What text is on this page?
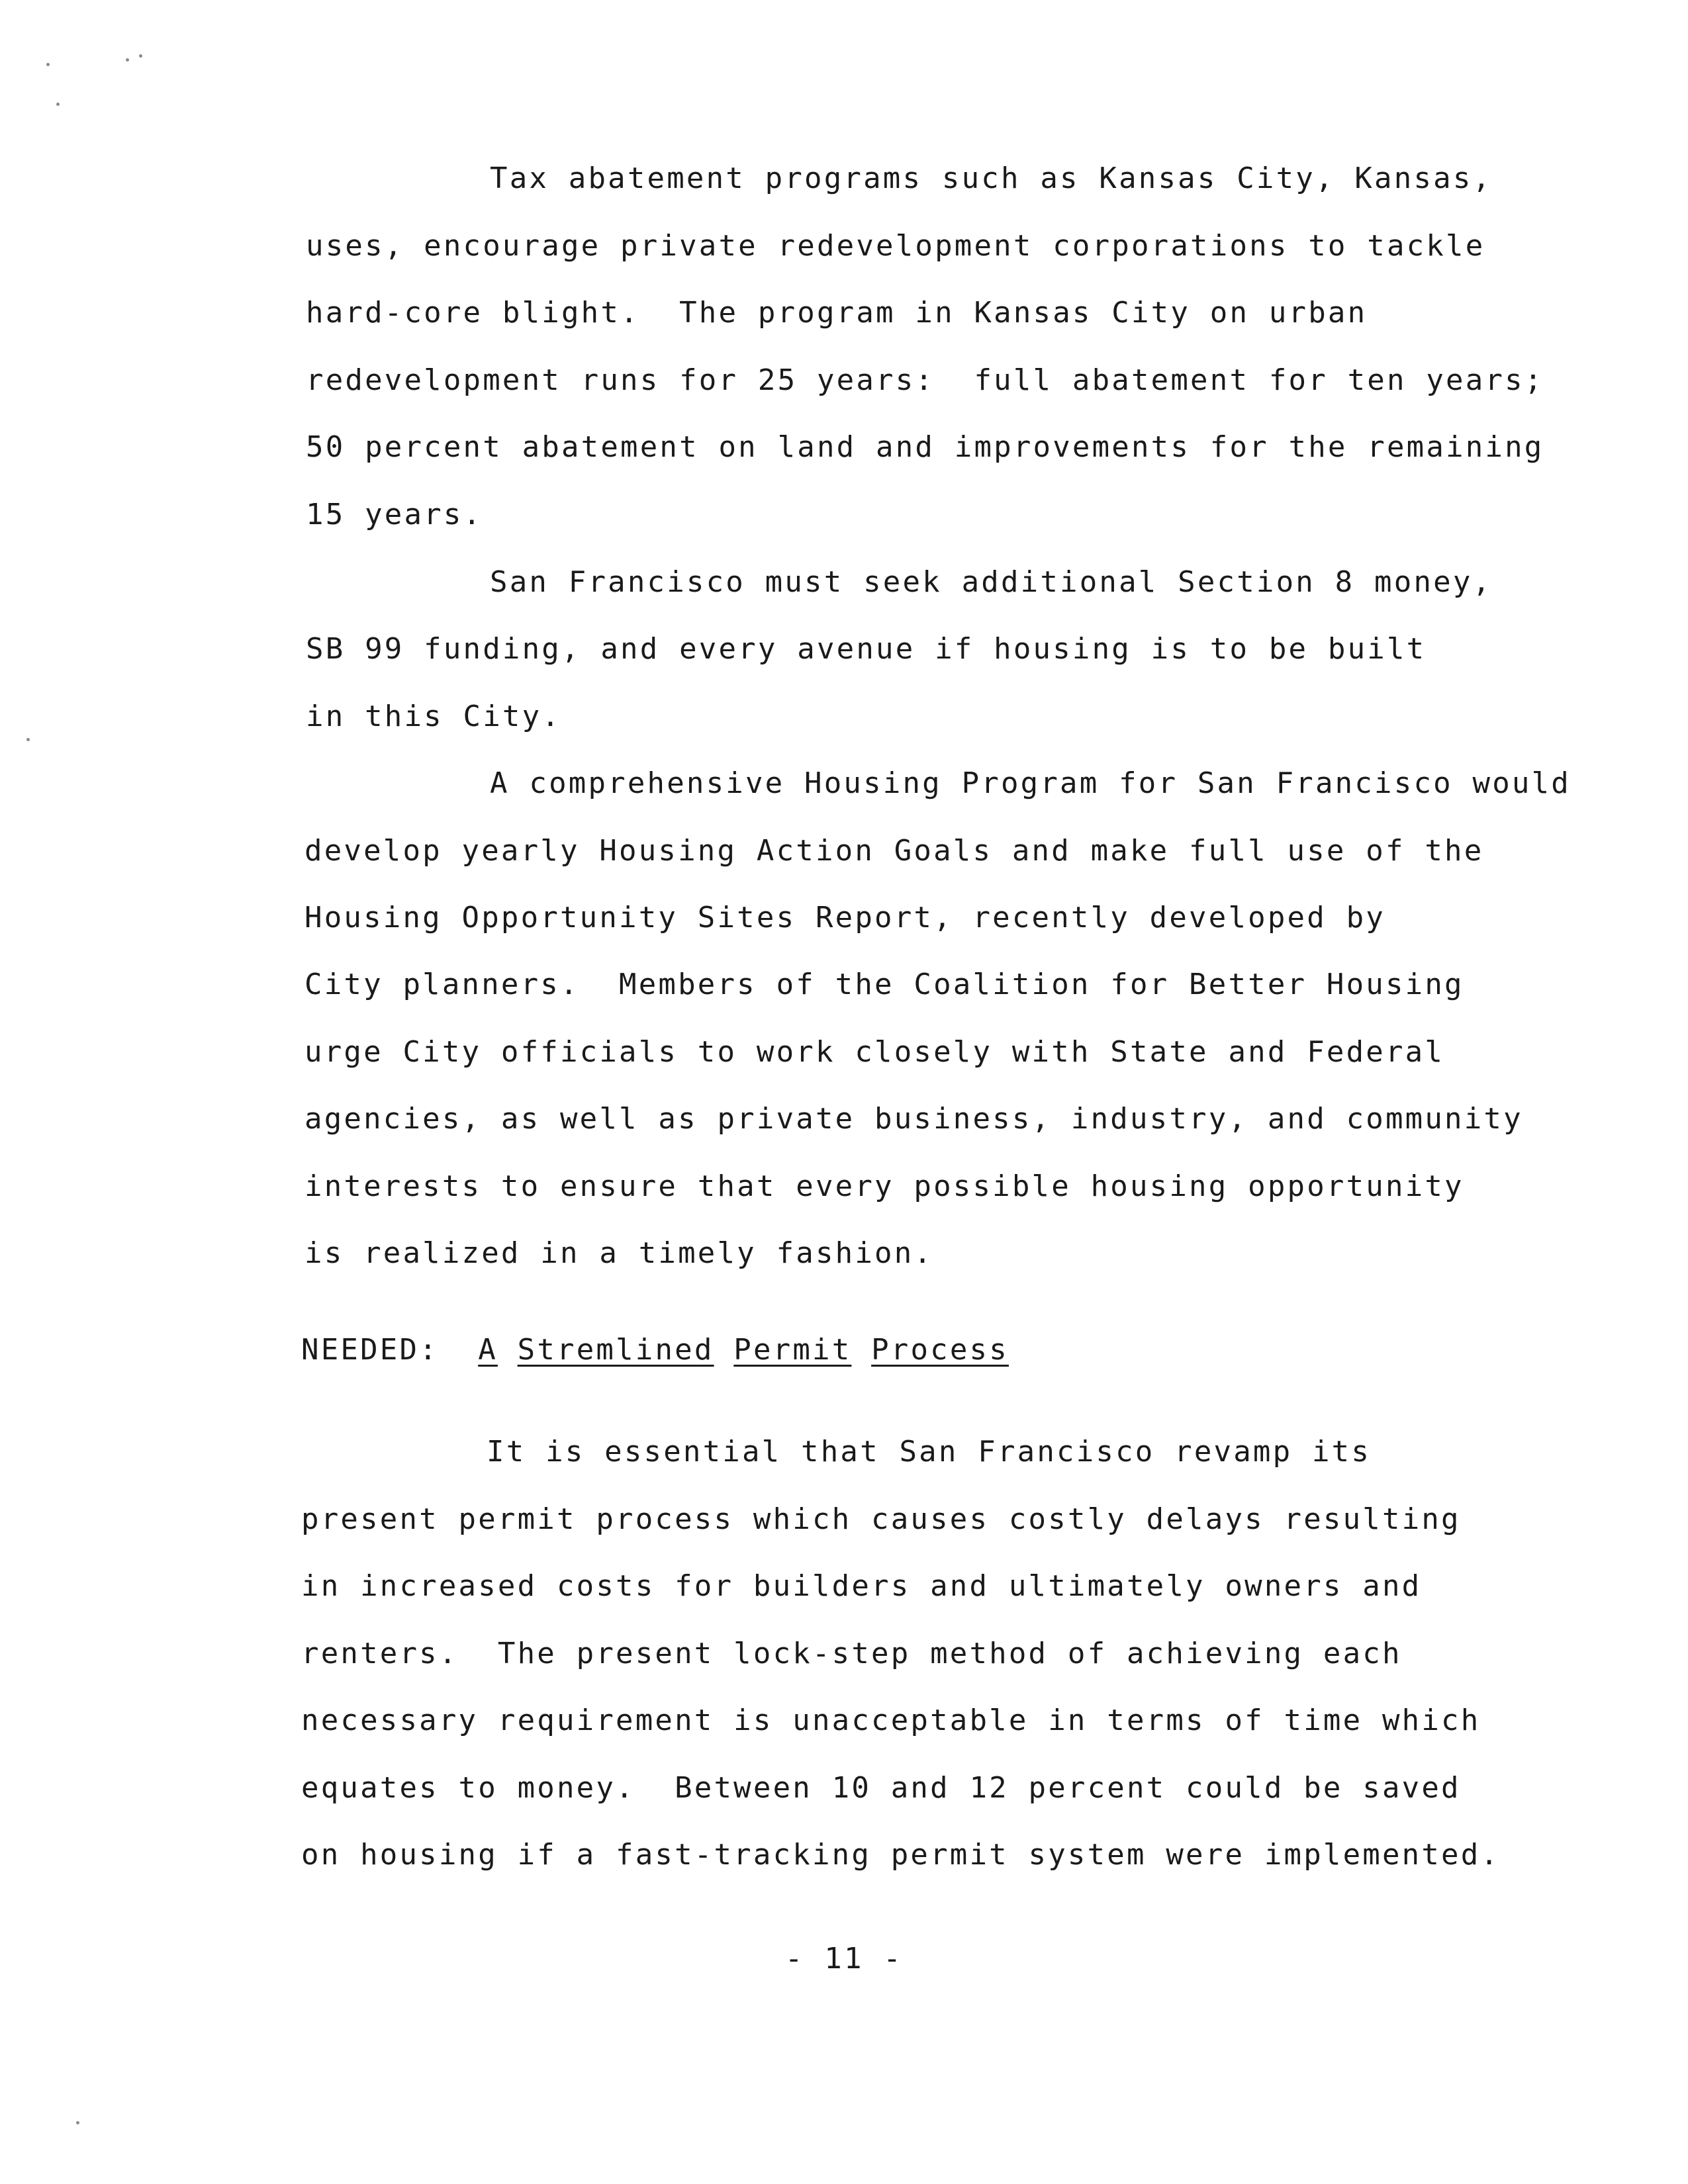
Tax abatement programs such as Kansas City, Kansas,
uses, encourage private redevelopment corporations to tackle
hard-core blight.  The program in Kansas City on urban
redevelopment runs for 25 years:  full abatement for ten years;
50 percent abatement on land and improvements for the remaining
15 years.
San Francisco must seek additional Section 8 money,
SB 99 funding, and every avenue if housing is to be built
in this City.
A comprehensive Housing Program for San Francisco would
develop yearly Housing Action Goals and make full use of the
Housing Opportunity Sites Report, recently developed by
City planners.  Members of the Coalition for Better Housing
urge City officials to work closely with State and Federal
agencies, as well as private business, industry, and community
interests to ensure that every possible housing opportunity
is realized in a timely fashion.
NEEDED: A Stremlined Permit Process
It is essential that San Francisco revamp its
present permit process which causes costly delays resulting
in increased costs for builders and ultimately owners and
renters.  The present lock-step method of achieving each
necessary requirement is unacceptable in terms of time which
equates to money.  Between 10 and 12 percent could be saved
on housing if a fast-tracking permit system were implemented.
- 11 -
